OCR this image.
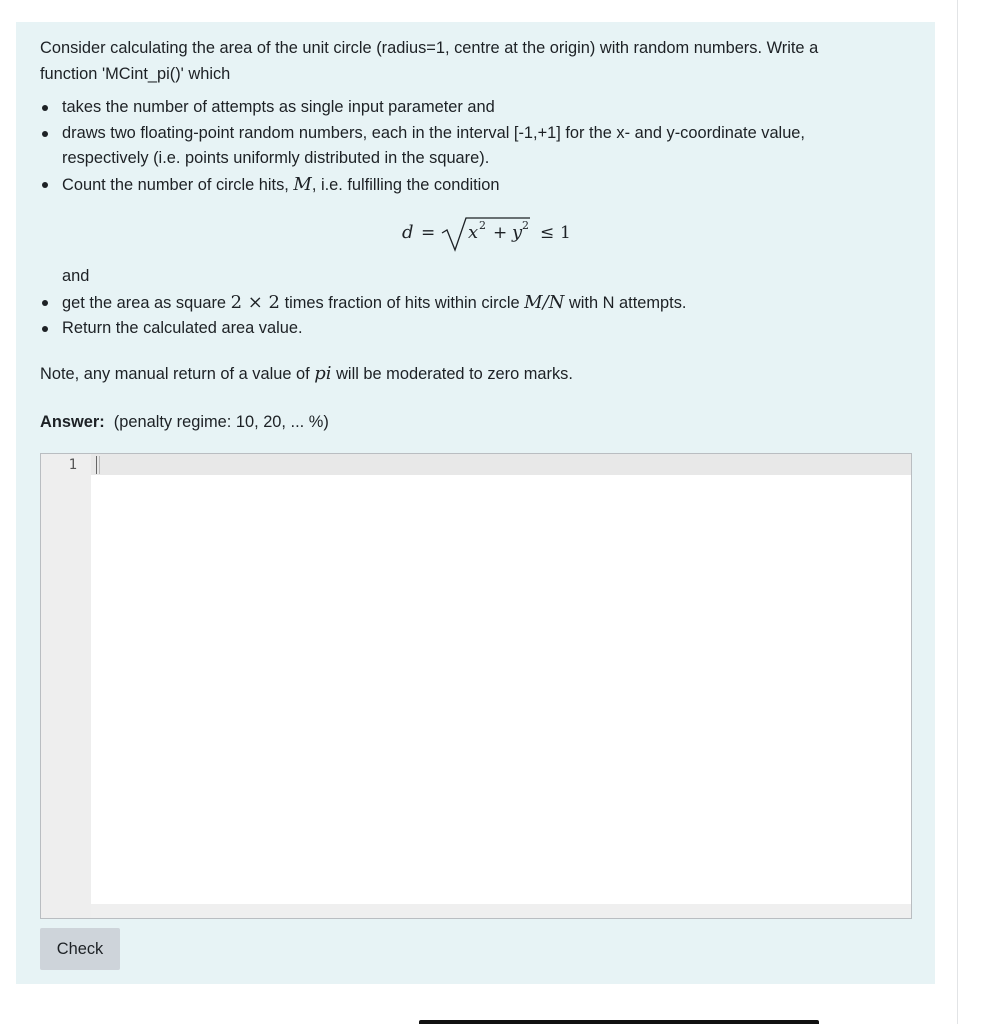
Consider calculating the area of the unit circle (radius=1, centre at the origin) with random numbers. Write a
function 'MCint_pi()' which

takes the number of attempts as single input parameter and
draws two floating-point random numbers, each in the interval [-1,+1] for the x- and y-coordinate value,
respectively (i.e. points uniformly distributed in the square).
Count the number of circle hits, M, i.e. fulfilling the condition
d = x 2 + y 2 ≤ 1

and

get the area as square 2 × 2 times fraction of hits within circle M/N with N attempts.
Return the calculated area value.

Note, any manual return of a value of pi will be moderated to zero marks.

Answer: (penalty regime: 10, 20, ... %)

1
Check
